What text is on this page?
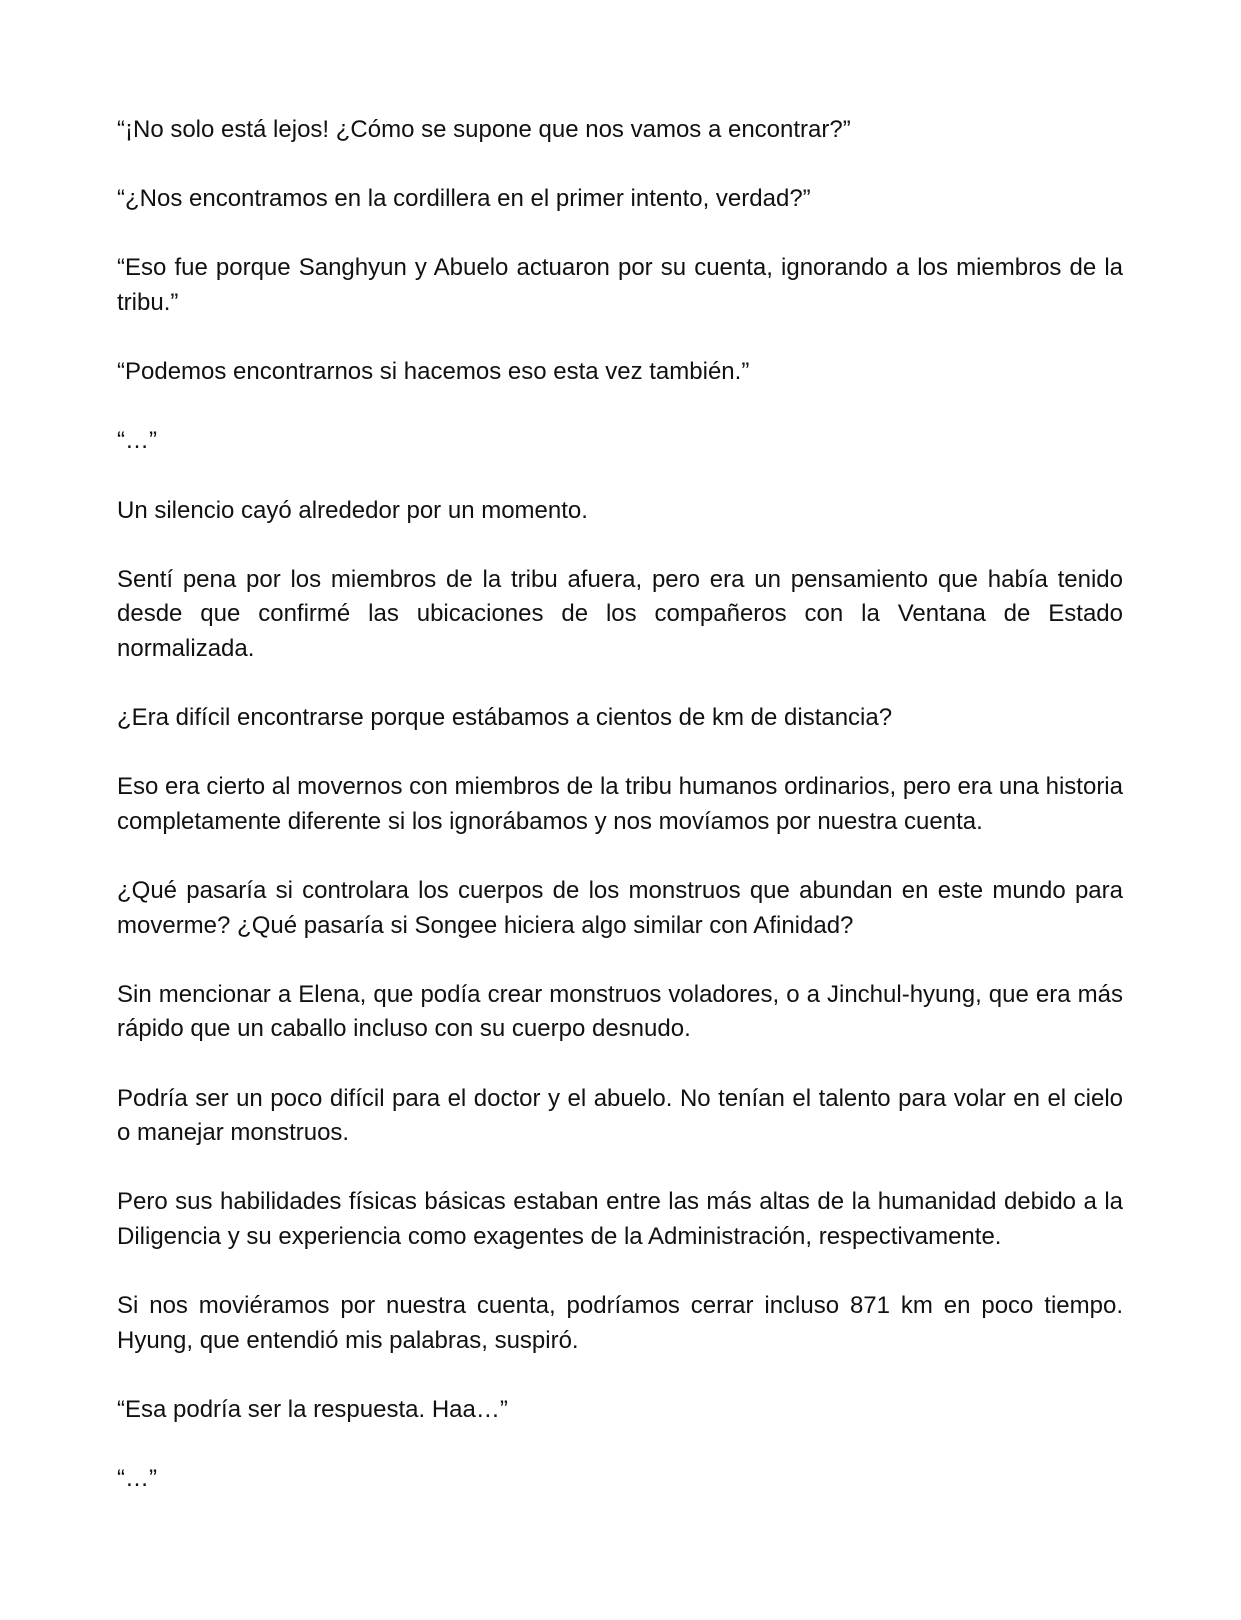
“¡No solo está lejos! ¿Cómo se supone que nos vamos a encontrar?”

“¿Nos encontramos en la cordillera en el primer intento, verdad?”

“Eso fue porque Sanghyun y Abuelo actuaron por su cuenta, ignorando a los miembros de la tribu.”

“Podemos encontrarnos si hacemos eso esta vez también.”

“…”

Un silencio cayó alrededor por un momento.

Sentí pena por los miembros de la tribu afuera, pero era un pensamiento que había tenido desde que confirmé las ubicaciones de los compañeros con la Ventana de Estado normalizada.

¿Era difícil encontrarse porque estábamos a cientos de km de distancia?

Eso era cierto al movernos con miembros de la tribu humanos ordinarios, pero era una historia completamente diferente si los ignorábamos y nos movíamos por nuestra cuenta.

¿Qué pasaría si controlara los cuerpos de los monstruos que abundan en este mundo para moverme? ¿Qué pasaría si Songee hiciera algo similar con Afinidad?

Sin mencionar a Elena, que podía crear monstruos voladores, o a Jinchul-hyung, que era más rápido que un caballo incluso con su cuerpo desnudo.

Podría ser un poco difícil para el doctor y el abuelo. No tenían el talento para volar en el cielo o manejar monstruos.

Pero sus habilidades físicas básicas estaban entre las más altas de la humanidad debido a la Diligencia y su experiencia como exagentes de la Administración, respectivamente.

Si nos moviéramos por nuestra cuenta, podríamos cerrar incluso 871 km en poco tiempo. Hyung, que entendió mis palabras, suspiró.

“Esa podría ser la respuesta. Haa…”

“…”
